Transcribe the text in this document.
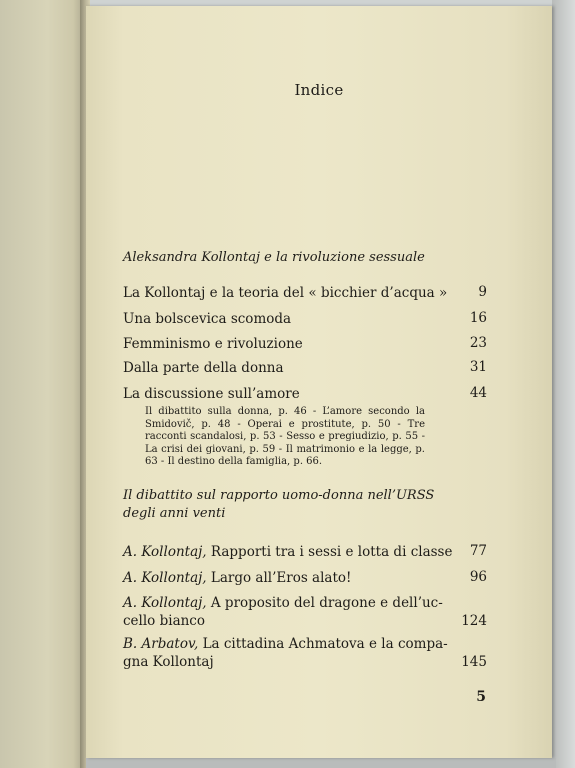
Indice
Aleksandra Kollontaj e la rivoluzione sessuale
La Kollontaj e la teoria del « bicchier d’acqua »	9
Una bolscevica scomoda	16
Femminismo e rivoluzione	23
Dalla parte della donna	31
La discussione sull’amore	44
Il dibattito sulla donna, p. 46 - L’amore secondo la Smidovič, p. 48 - Operai e prostitute, p. 50 - Tre racconti scandalosi, p. 53 - Sesso e pregiudizio, p. 55 - La crisi dei giovani, p. 59 - Il matrimonio e la legge, p. 63 - Il destino della famiglia, p. 66.
Il dibattito sul rapporto uomo-donna nell’URSS
degli anni venti
A. Kollontaj, Rapporti tra i sessi e lotta di classe	77
A. Kollontaj, Largo all’Eros alato!	96
A. Kollontaj, A proposito del dragone e dell’uc-
cello bianco	124
B. Arbatov, La cittadina Achmatova e la compa-
gna Kollontaj	145
5
